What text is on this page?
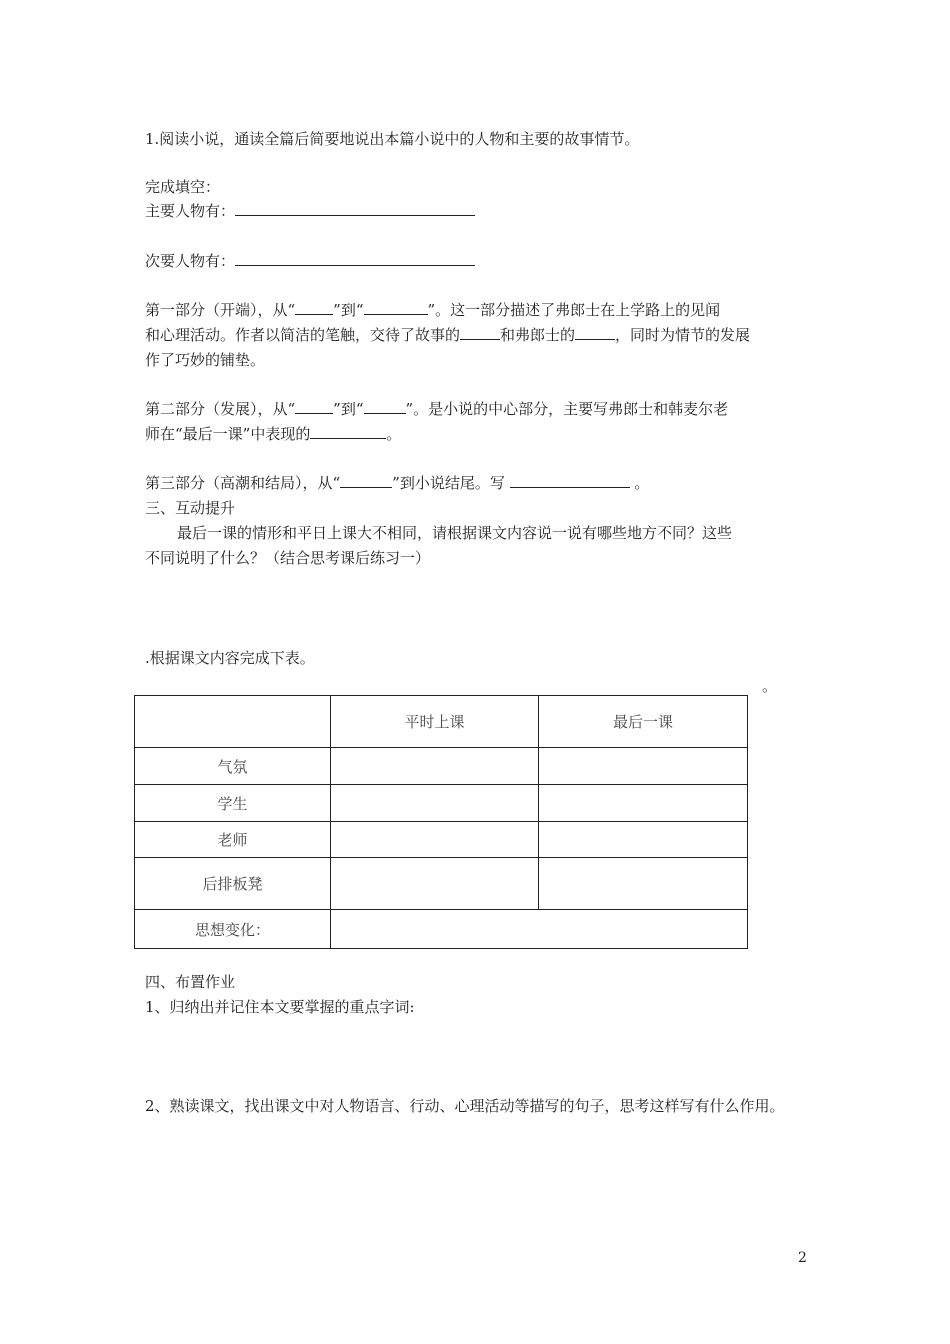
1.阅读小说，通读全篇后简要地说出本篇小说中的人物和主要的故事情节。
完成填空：
主要人物有：
次要人物有：
第一部分（开端），从“	”到“	”。这一部分描述了弗郎士在上学路上的见闻
和心理活动。作者以简洁的笔触，交待了故事的	和弗郎士的	，同时为情节的发展
作了巧妙的铺垫。
第二部分（发展），从“	”到“	”。是小说的中心部分，主要写弗郎士和韩麦尔老
师在“最后一课”中表现的	。
第三部分（高潮和结局），从“	”到小说结尾。写	。
三、互动提升
最后一课的情形和平日上课大不相同，请根据课文内容说一说有哪些地方不同？这些
不同说明了什么？（结合思考课后练习一）
.根据课文内容完成下表。
。
	平时上课	最后一课
气氛		
学生		
老师		
后排板凳		
思想变化：		
四、布置作业
1、归纳出并记住本文要掌握的重点字词:
2、熟读课文，找出课文中对人物语言、行动、心理活动等描写的句子，思考这样写有什么作用。
2
